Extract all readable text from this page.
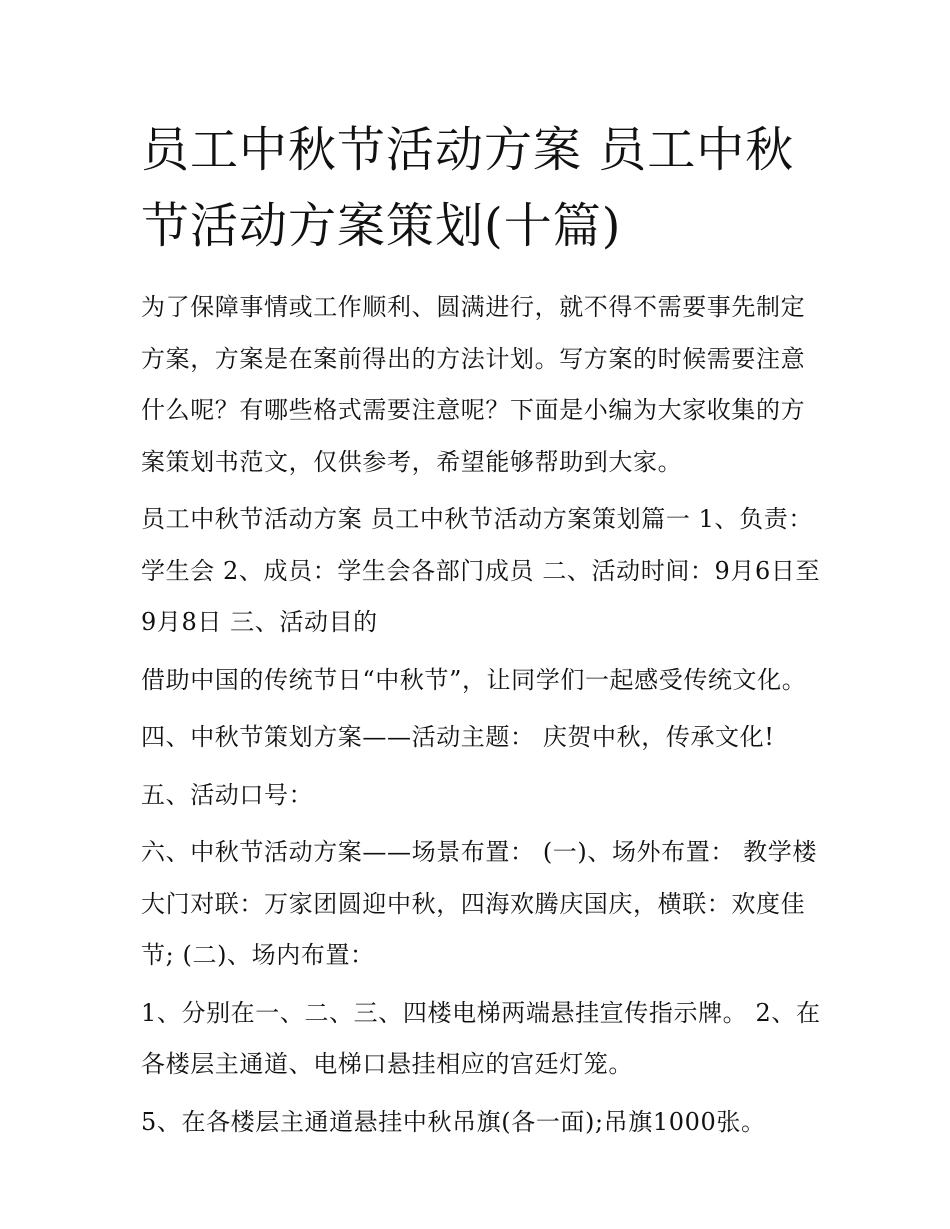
员工中秋节活动方案 员工中秋节活动方案策划(十篇)

为了保障事情或工作顺利、圆满进行，就不得不需要事先制定方案，方案是在案前得出的方法计划。写方案的时候需要注意什么呢？有哪些格式需要注意呢？下面是小编为大家收集的方案策划书范文，仅供参考，希望能够帮助到大家。

员工中秋节活动方案 员工中秋节活动方案策划篇一 1、负责：学生会 2、成员：学生会各部门成员 二、活动时间：9月6日至9月8日 三、活动目的

借助中国的传统节日“中秋节”，让同学们一起感受传统文化。

四、中秋节策划方案——活动主题： 庆贺中秋，传承文化!

五、活动口号：

六、中秋节活动方案——场景布置： (一)、场外布置： 教学楼大门对联：万家团圆迎中秋，四海欢腾庆国庆，横联：欢度佳节; (二)、场内布置：

1、分别在一、二、三、四楼电梯两端悬挂宣传指示牌。 2、在各楼层主通道、电梯口悬挂相应的宫廷灯笼。

5、在各楼层主通道悬挂中秋吊旗(各一面);吊旗1000张。
